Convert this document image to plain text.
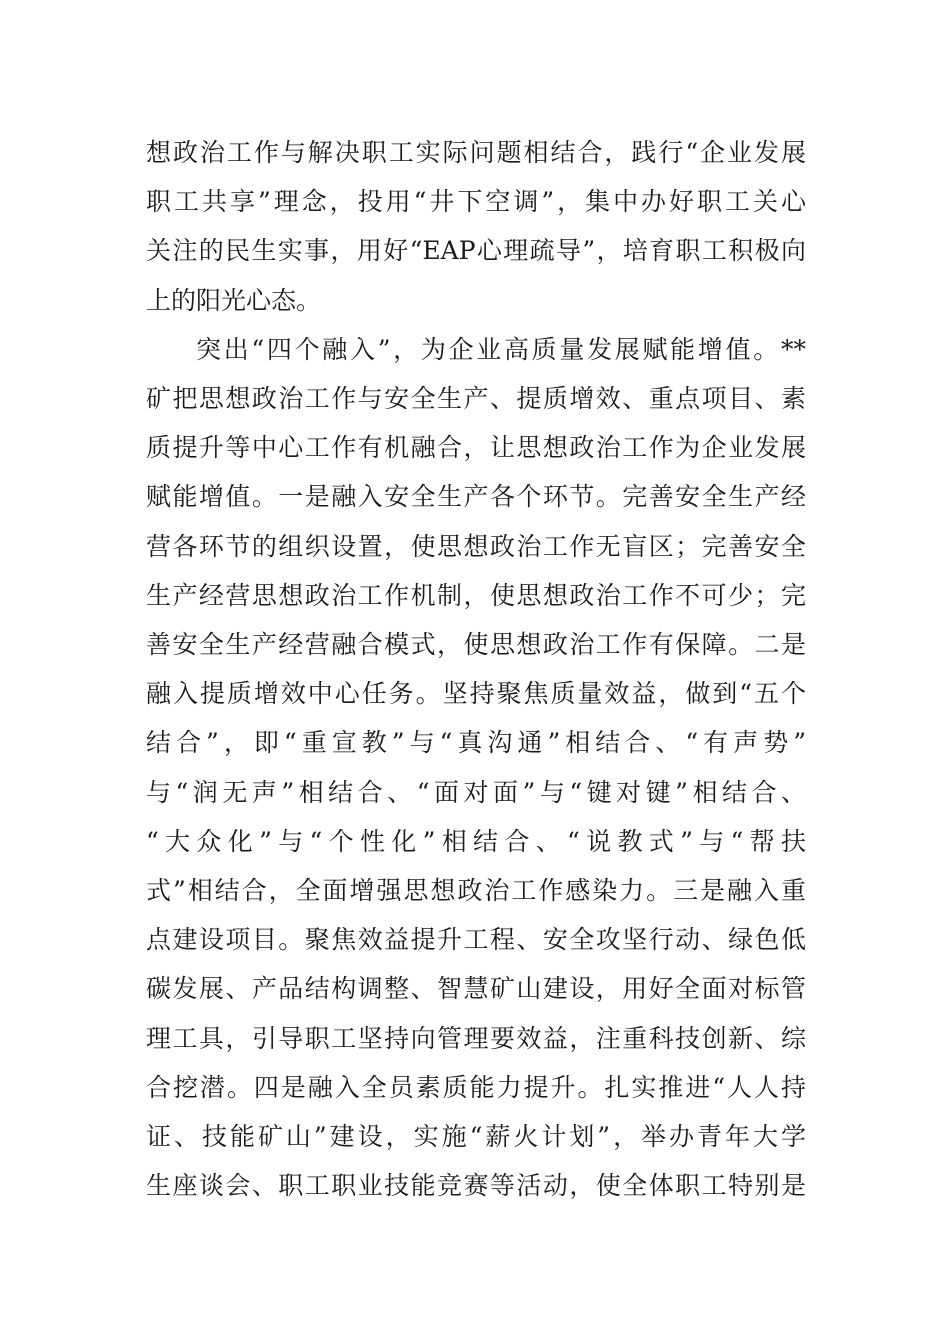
想政治工作与解决职工实际问题相结合，践行“企业发展
职工共享”理念，投用“井下空调”，集中办好职工关心
关注的民生实事，用好“EAP心理疏导”，培育职工积极向
上的阳光心态。

突出“四个融入”，为企业高质量发展赋能增值。**
矿把思想政治工作与安全生产、提质增效、重点项目、素
质提升等中心工作有机融合，让思想政治工作为企业发展
赋能增值。一是融入安全生产各个环节。完善安全生产经
营各环节的组织设置，使思想政治工作无盲区；完善安全
生产经营思想政治工作机制，使思想政治工作不可少；完
善安全生产经营融合模式，使思想政治工作有保障。二是
融入提质增效中心任务。坚持聚焦质量效益，做到“五个
结合”，即“重宣教”与“真沟通”相结合、“有声势”
与“润无声”相结合、“面对面”与“键对键”相结合、
“大众化”与“个性化”相结合、“说教式”与“帮扶
式”相结合，全面增强思想政治工作感染力。三是融入重
点建设项目。聚焦效益提升工程、安全攻坚行动、绿色低
碳发展、产品结构调整、智慧矿山建设，用好全面对标管
理工具，引导职工坚持向管理要效益，注重科技创新、综
合挖潜。四是融入全员素质能力提升。扎实推进“人人持
证、技能矿山”建设，实施“薪火计划”，举办青年大学
生座谈会、职工职业技能竞赛等活动，使全体职工特别是
